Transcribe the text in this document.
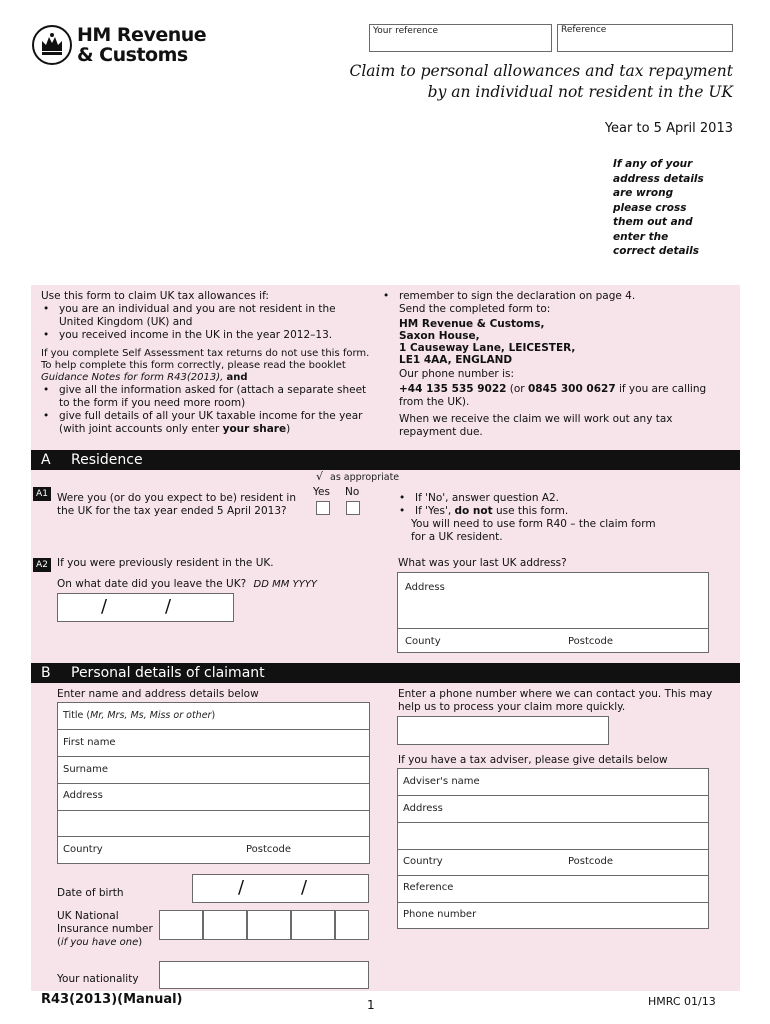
HM Revenue
& Customs
Your reference	Reference
Claim to personal allowances and tax repayment
by an individual not resident in the UK
Year to 5 April 2013
If any of your
address details
are wrong
please cross
them out and
enter the
correct details
Use this form to claim UK tax allowances if:
• you are an individual and you are not resident in the United Kingdom (UK) and
• you received income in the UK in the year 2012–13.
If you complete Self Assessment tax returns do not use this form.
To help complete this form correctly, please read the booklet
Guidance Notes for form R43(2013), and
• give all the information asked for (attach a separate sheet to the form if you need more room)
• give full details of all your UK taxable income for the year (with joint accounts only enter your share)
• remember to sign the declaration on page 4.
Send the completed form to:
HM Revenue & Customs,
Saxon House,
1 Causeway Lane, LEICESTER,
LE1 4AA, ENGLAND
Our phone number is:
+44 135 535 9022 (or 0845 300 0627 if you are calling from the UK).
When we receive the claim we will work out any tax repayment due.
A Residence
√ as appropriate
Yes No
A1 Were you (or do you expect to be) resident in the UK for the tax year ended 5 April 2013?
• If 'No', answer question A2.
• If 'Yes', do not use this form.
You will need to use form R40 – the claim form for a UK resident.
A2 If you were previously resident in the UK.
On what date did you leave the UK? DD MM YYYY
/	/
What was your last UK address?
Address
County	Postcode
B Personal details of claimant
Enter name and address details below
Title (Mr, Mrs, Ms, Miss or other)
First name
Surname
Address
Country	Postcode
Date of birth	/	/
UK National
Insurance number
(if you have one)
Your nationality
Enter a phone number where we can contact you. This may help us to process your claim more quickly.
If you have a tax adviser, please give details below
Adviser's name
Address
Country	Postcode
Reference
Phone number
R43(2013)(Manual)	1	HMRC 01/13
